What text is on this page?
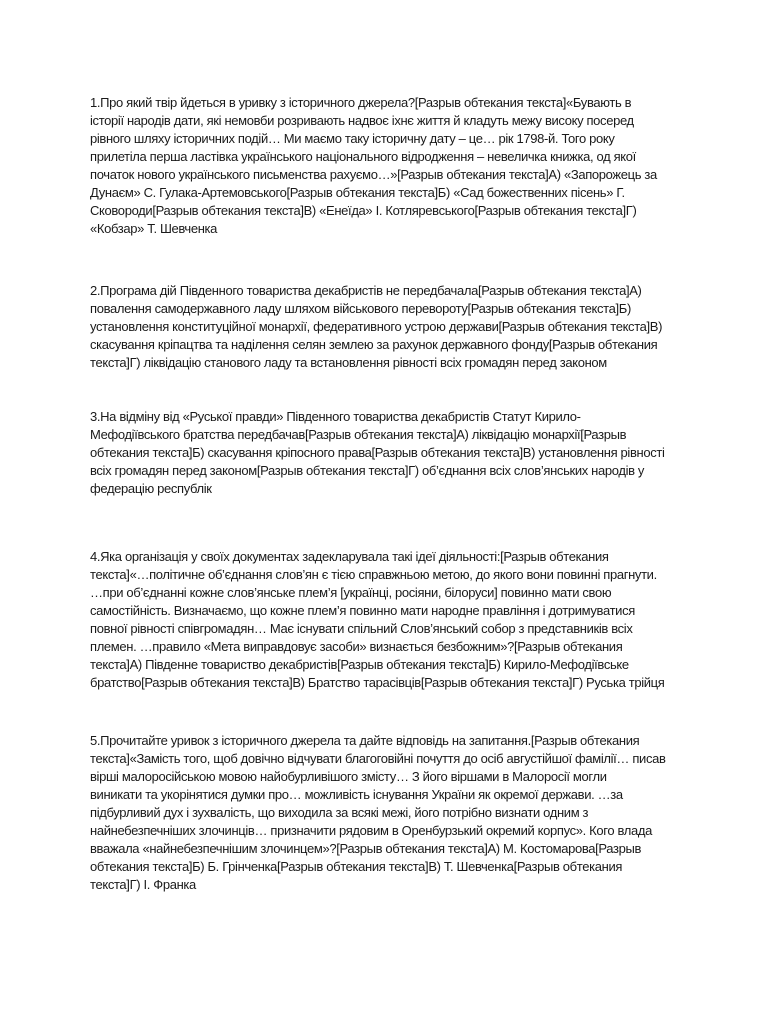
1.Про який твір йдеться в уривку з історичного джерела?[Разрыв обтекания текста]«Бувають в
історії народів дати, які немовби розривають надвоє іхнє життя й кладуть межу високу посеред
рівного шляху історичних подій… Ми маємо таку історичну дату – це… рік 1798-й. Того року
прилетіла перша ластівка українського національного відродження – невеличка книжка, од якої
початок нового українського письменства рахуємо…»[Разрыв обтекания текста]А) «Запорожець за
Дунаєм» С. Гулака-Артемовського[Разрыв обтекания текста]Б) «Сад божественних пісень» Г.
Сковороди[Разрыв обтекания текста]В) «Енеїда» І. Котляревського[Разрыв обтекания текста]Г)
«Кобзар» Т. Шевченка

2.Програма дій Південного товариства декабристів не передбачала[Разрыв обтекания текста]А)
повалення самодержавного ладу шляхом військового перевороту[Разрыв обтекания текста]Б)
установлення конституційної монархії, федеративного устрою держави[Разрыв обтекания текста]В)
скасування кріпацтва та наділення селян землею за рахунок державного фонду[Разрыв обтекания
текста]Г) ліквідацію станового ладу та встановлення рівності всіх громадян перед законом

3.На відміну від «Руської правди» Південного товариства декабристів Статут Кирило-
Мефодіївського братства передбачав[Разрыв обтекания текста]А) ліквідацію монархії[Разрыв
обтекания текста]Б) скасування кріпосного права[Разрыв обтекания текста]В) установлення рівності
всіх громадян перед законом[Разрыв обтекания текста]Г) об’єднання всіх слов’янських народів у
федерацію республік

4.Яка організація у своїх документах задекларувала такі ідеї діяльності:[Разрыв обтекания
текста]«…політичне об’єднання слов’ян є тією справжньою метою, до якого вони повинні прагнути.
…при об’єднанні кожне слов’янське плем’я [украïнці, росіяни, білоруси] повинно мати свою
самостійність. Визначаємо, що кожне плем’я повинно мати народне правління і дотримуватися
повної рівності співгромадян… Має існувати спільний Слов’янський собор з представників всіх
племен. …правило «Мета виправдовує засоби» визнається безбожним»?[Разрыв обтекания
текста]А) Південне товариство декабристів[Разрыв обтекания текста]Б) Кирило-Мефодіївське
братство[Разрыв обтекания текста]В) Братство тарасівців[Разрыв обтекания текста]Г) Руська трійця

5.Прочитайте уривок з історичного джерела та дайте відповідь на запитання.[Разрыв обтекания
текста]«Замість того, щоб довічно відчувати благоговійні почуття до осіб августійшої фамілії… писав
вірші малоросійською мовою найобурливішого змісту… З його віршами в Малоросії могли
виникати та укорінятися думки про… можливість існування України як окремої держави. …за
підбурливий дух і зухвалість, що виходила за всякі межі, його потрібно визнати одним з
найнебезпечніших злочинців… призначити рядовим в Оренбурзький окремий корпус». Кого влада
вважала «найнебезпечнішим злочинцем»?[Разрыв обтекания текста]А) М. Костомарова[Разрыв
обтекания текста]Б) Б. Грінченка[Разрыв обтекания текста]В) Т. Шевченка[Разрыв обтекания
текста]Г) І. Франка
